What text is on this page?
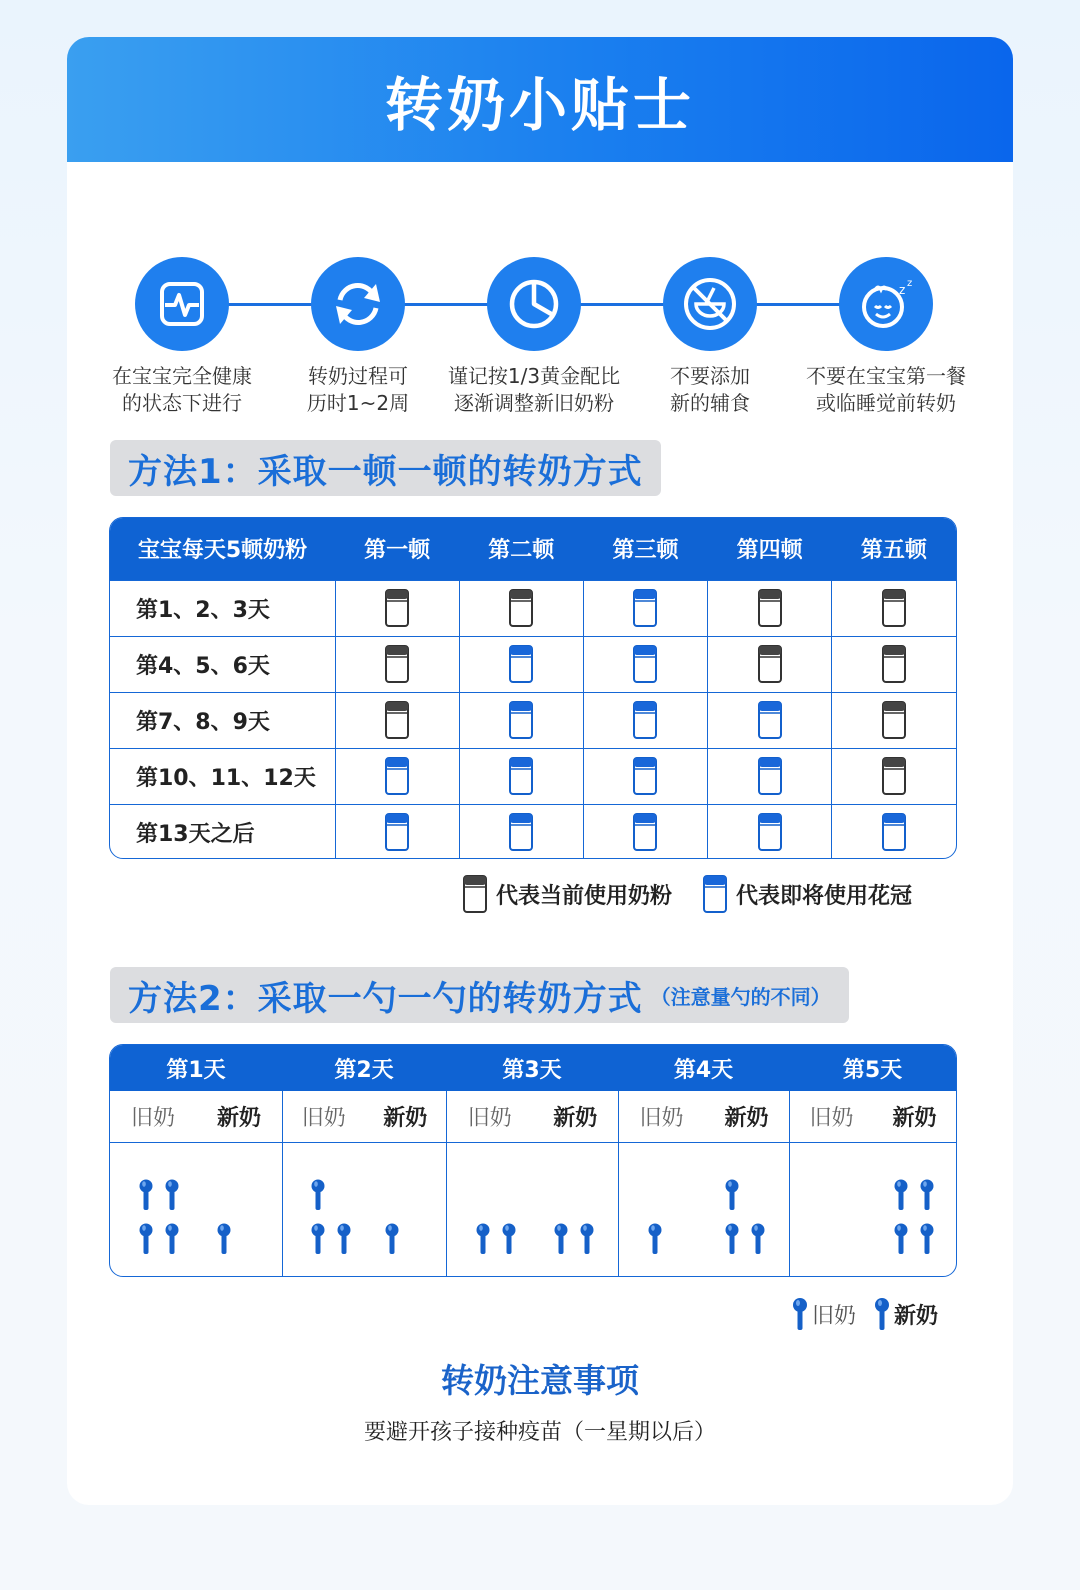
转奶小贴士
在宝宝完全健康
的状态下进行
转奶过程可
历时1~2周
谨记按1/3黄金配比
逐渐调整新旧奶粉
不要添加
新的辅食
z z
不要在宝宝第一餐
或临睡觉前转奶
方法1：采取一顿一顿的转奶方式
宝宝每天5顿奶粉	第一顿	第二顿	第三顿	第四顿	第五顿
第1、2、3天					
第4、5、6天					
第7、8、9天					
第10、11、12天					
第13天之后					
代表当前使用奶粉	代表即将使用花冠
方法2：采取一勺一勺的转奶方式 （注意量勺的不同）
第1天	第2天	第3天	第4天	第5天
旧奶 新奶 旧奶 新奶 旧奶 新奶 旧奶 新奶 旧奶 新奶
旧奶 新奶
转奶注意事项
要避开孩子接种疫苗（一星期以后）
